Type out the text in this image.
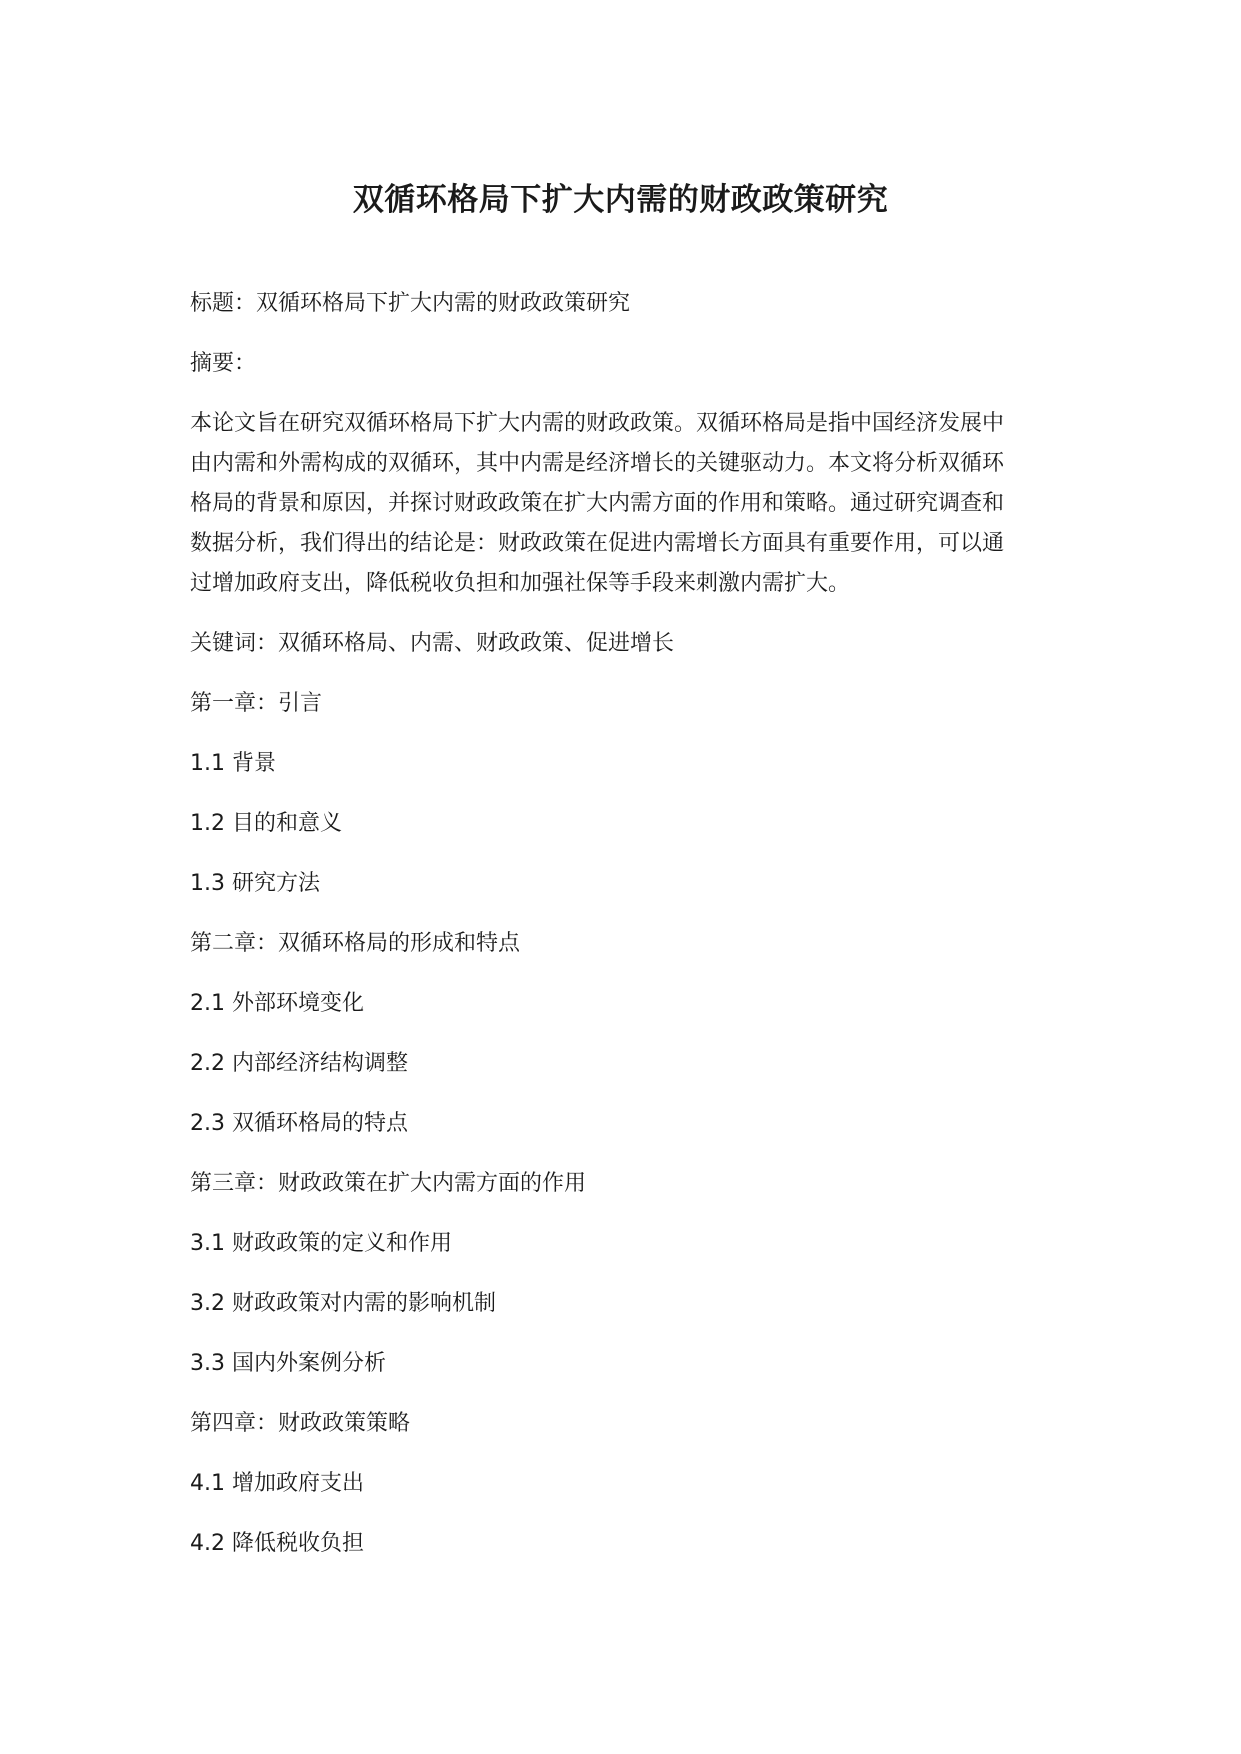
双循环格局下扩大内需的财政政策研究

标题：双循环格局下扩大内需的财政政策研究

摘要：

本论文旨在研究双循环格局下扩大内需的财政政策。双循环格局是指中国经济发展中
由内需和外需构成的双循环，其中内需是经济增长的关键驱动力。本文将分析双循环
格局的背景和原因，并探讨财政政策在扩大内需方面的作用和策略。通过研究调查和
数据分析，我们得出的结论是：财政政策在促进内需增长方面具有重要作用，可以通
过增加政府支出，降低税收负担和加强社保等手段来刺激内需扩大。

关键词：双循环格局、内需、财政政策、促进增长

第一章：引言

1.1 背景

1.2 目的和意义

1.3 研究方法

第二章：双循环格局的形成和特点

2.1 外部环境变化

2.2 内部经济结构调整

2.3 双循环格局的特点

第三章：财政政策在扩大内需方面的作用

3.1 财政政策的定义和作用

3.2 财政政策对内需的影响机制

3.3 国内外案例分析

第四章：财政政策策略

4.1 增加政府支出

4.2 降低税收负担
